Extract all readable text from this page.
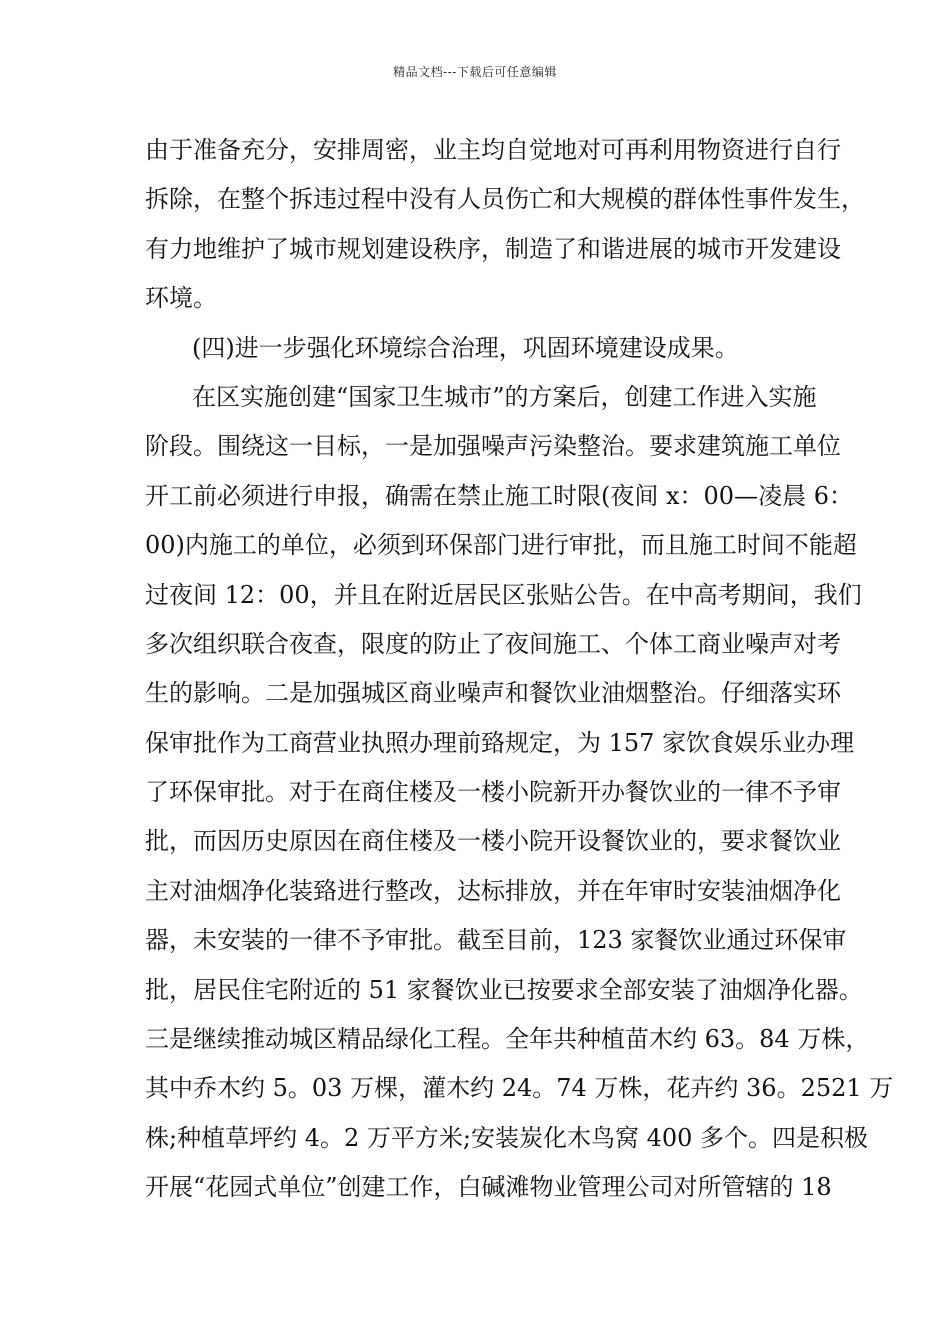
精品文档---下载后可任意编辑
由于准备充分，安排周密，业主均自觉地对可再利用物资进行自行
拆除，在整个拆违过程中没有人员伤亡和大规模的群体性事件发生，
有力地维护了城市规划建设秩序，制造了和谐进展的城市开发建设
环境。
(四)进一步强化环境综合治理，巩固环境建设成果。
在区实施创建“国家卫生城市”的方案后，创建工作进入实施
阶段。围绕这一目标，一是加强噪声污染整治。要求建筑施工单位
开工前必须进行申报，确需在禁止施工时限(夜间 x：00—凌晨 6：
00)内施工的单位，必须到环保部门进行审批，而且施工时间不能超
过夜间 12：00，并且在附近居民区张贴公告。在中高考期间，我们
多次组织联合夜查，限度的防止了夜间施工、个体工商业噪声对考
生的影响。二是加强城区商业噪声和餐饮业油烟整治。仔细落实环
保审批作为工商营业执照办理前臵规定，为 157 家饮食娱乐业办理
了环保审批。对于在商住楼及一楼小院新开办餐饮业的一律不予审
批，而因历史原因在商住楼及一楼小院开设餐饮业的，要求餐饮业
主对油烟净化装臵进行整改，达标排放，并在年审时安装油烟净化
器，未安装的一律不予审批。截至目前，123 家餐饮业通过环保审
批，居民住宅附近的 51 家餐饮业已按要求全部安装了油烟净化器。
三是继续推动城区精品绿化工程。全年共种植苗木约 63。84 万株，
其中乔木约 5。03 万棵，灌木约 24。74 万株，花卉约 36。2521 万
株;种植草坪约 4。2 万平方米;安装炭化木鸟窝 400 多个。四是积极
开展“花园式单位”创建工作，白碱滩物业管理公司对所管辖的 18
